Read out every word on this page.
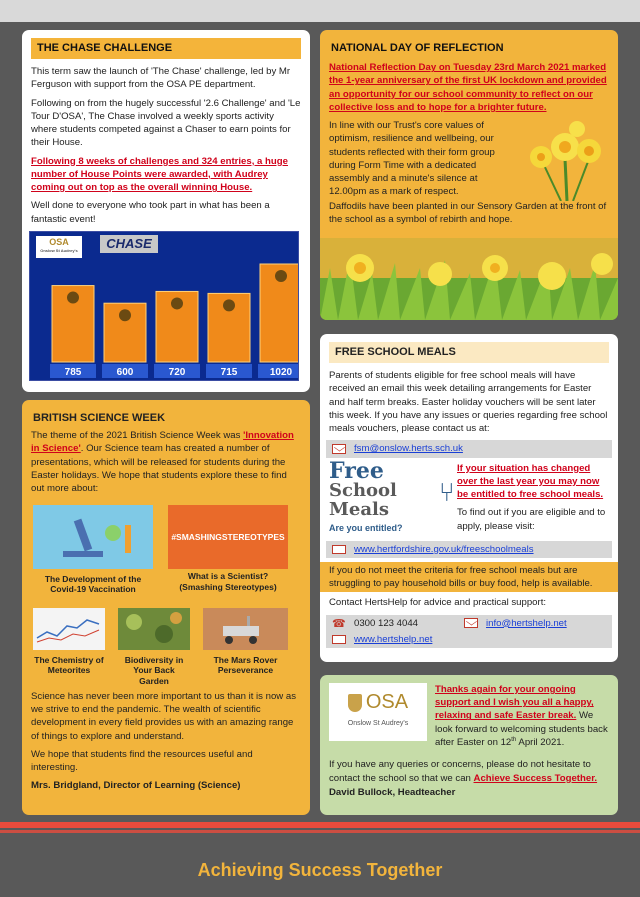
THE CHASE CHALLENGE

This term saw the launch of 'The Chase' challenge, led by Mr Ferguson with support from the OSA PE department.

Following on from the hugely successful '2.6 Challenge' and 'Le Tour D'OSA', The Chase involved a weekly sports activity where students competed against a Chaser to earn points for their House.

Following 8 weeks of challenges and 324 entries, a huge number of House Points were awarded, with Audrey coming out on top as the overall winning House.

Well done to everyone who took part in what has been a fantastic event!

OSA
Onslow St Audrey's	CHASE
785	600	720	715	1020
NATIONAL DAY OF REFLECTION

National Reflection Day on Tuesday 23rd March 2021 marked the 1-year anniversary of the first UK lockdown and provided an opportunity for our school community to reflect on our collective loss and to hope for a brighter future.

In line with our Trust's core values of optimism, resilience and wellbeing, our students reflected with their form group during Form Time with a dedicated assembly and a minute's silence at 12.00pm as a mark of respect.

Daffodils have been planted in our Sensory Garden at the front of the school as a symbol of rebirth and hope.

FREE SCHOOL MEALS

Parents of students eligible for free school meals will have received an email this week detailing arrangements for Easter and half term breaks. Easter holiday vouchers will be sent later this week. If you have any issues or queries regarding free school meals vouchers, please contact us at:

fsm@onslow.herts.sch.uk
Free
School
Meals
Are you entitled?
⑂

If your situation has changed over the last year you may now be entitled to free school meals.

To find out if you are eligible and to apply, please visit:

www.hertfordshire.gov.uk/freeschoolmeals

If you do not meet the criteria for free school meals but are struggling to pay household bills or buy food, help is available.

Contact HertsHelp for advice and practical support:

☎ 0300 123 4044	info@hertshelp.net
www.hertshelp.net
BRITISH SCIENCE WEEK

The theme of the 2021 British Science Week was 'Innovation in Science'. Our Science team has created a number of presentations, which will be released for students during the Easter holidays. We hope that students explore these to find out more about:

The Development of the Covid-19 Vaccination
#SMASHINGSTEREOTYPES
What is a Scientist? (Smashing Stereotypes)
The Chemistry of Meteorites
Biodiversity in Your Back Garden
The Mars Rover Perseverance

Science has never been more important to us than it is now as we strive to end the pandemic. The wealth of scientific development in every field provides us with an amazing range of things to explore and understand.

We hope that students find the resources useful and interesting.

Mrs. Bridgland, Director of Learning (Science)

OSA
Onslow St Audrey's

Thanks again for your ongoing support and I wish you all a happy, relaxing and safe Easter break. We look forward to welcoming students back after Easter on 12th April 2021.

If you have any queries or concerns, please do not hesitate to contact the school so that we can Achieve Success Together.

David Bullock, Headteacher

Achieving Success Together
